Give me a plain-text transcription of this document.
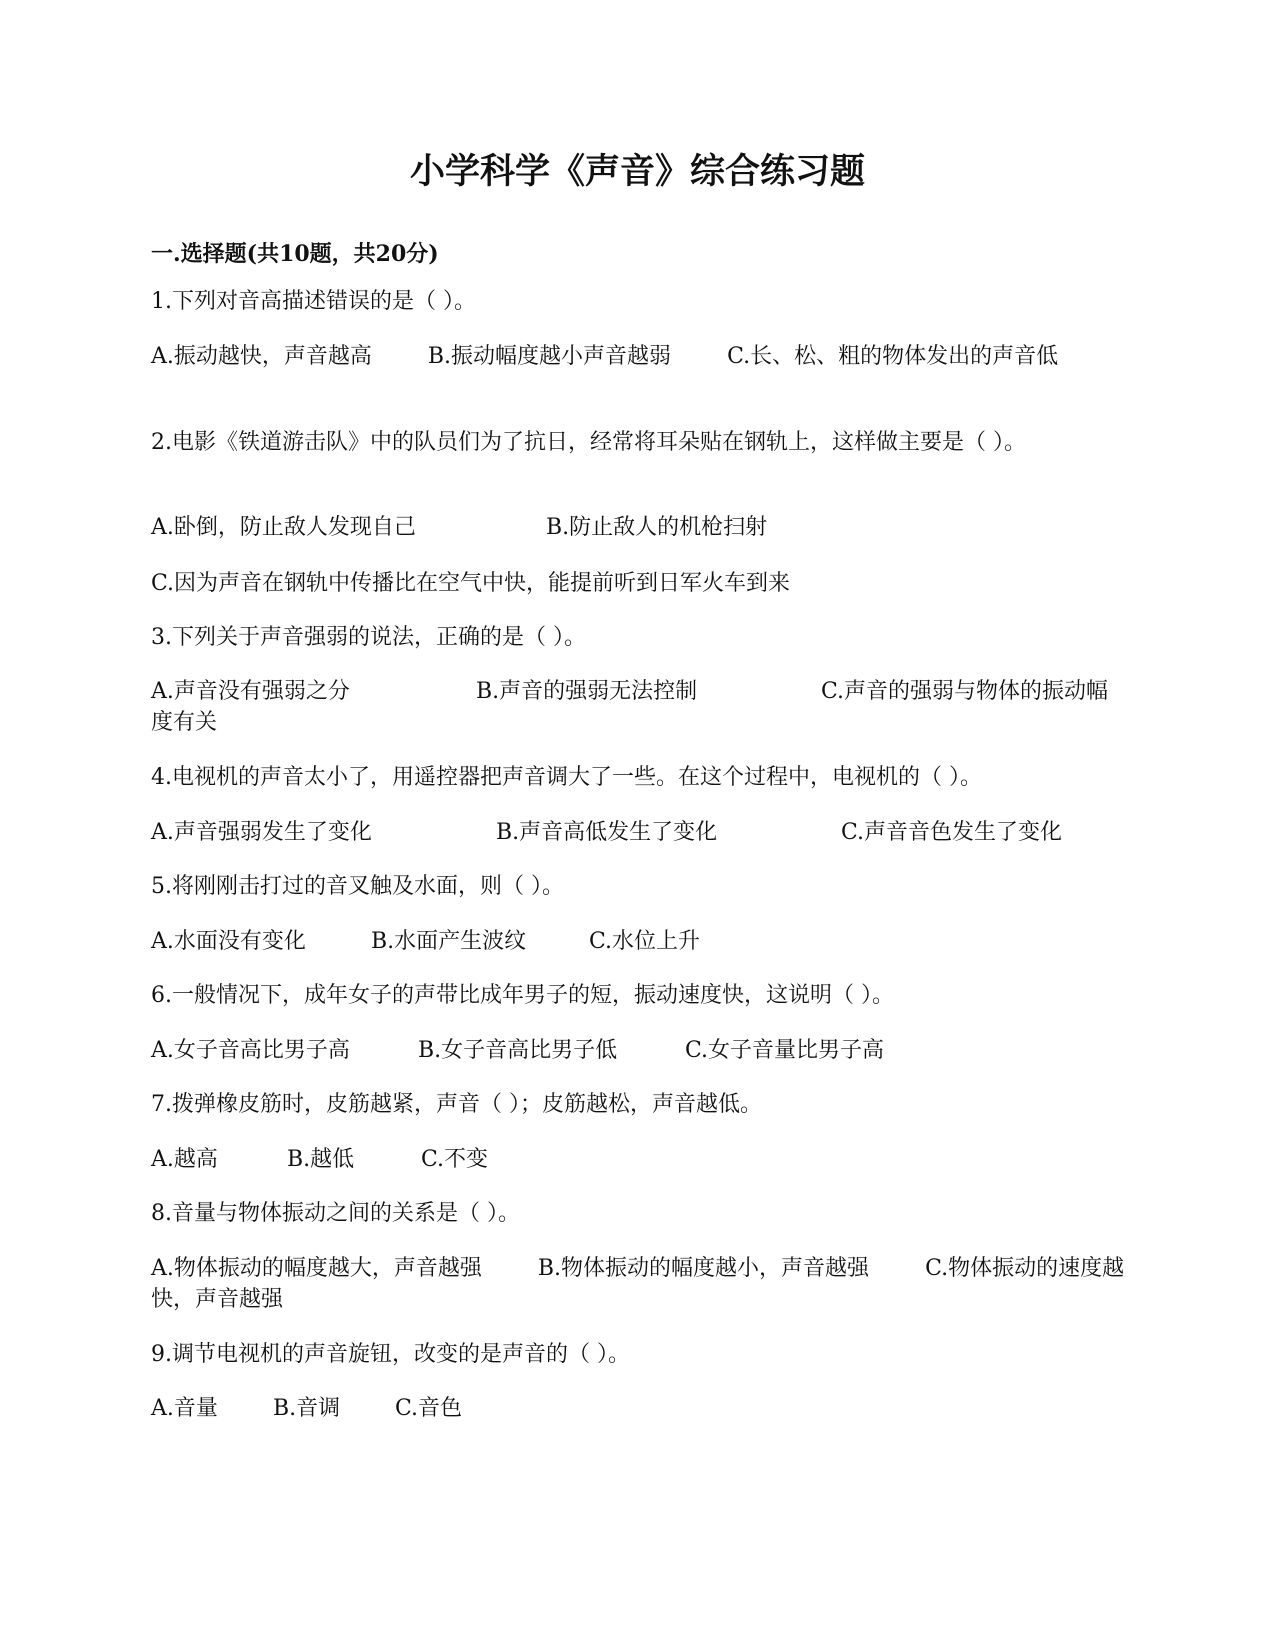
小学科学《声音》综合练习题
一.选择题(共10题，共20分)

1.下列对音高描述错误的是（ ）。

A.振动越快，声音越高	B.振动幅度越小声音越弱	C.长、松、粗的物体发出的声音低

2.电影《铁道游击队》中的队员们为了抗日，经常将耳朵贴在钢轨上，这样做主要是（ ）。

A.卧倒，防止敌人发现自己	B.防止敌人的机枪扫射

C.因为声音在钢轨中传播比在空气中快，能提前听到日军火车到来

3.下列关于声音强弱的说法，正确的是（ ）。

A.声音没有强弱之分	B.声音的强弱无法控制	C.声音的强弱与物体的振动幅度有关

4.电视机的声音太小了，用遥控器把声音调大了一些。在这个过程中，电视机的（ ）。

A.声音强弱发生了变化	B.声音高低发生了变化	C.声音音色发生了变化

5.将刚刚击打过的音叉触及水面，则（ ）。

A.水面没有变化	B.水面产生波纹	C.水位上升

6.一般情况下，成年女子的声带比成年男子的短，振动速度快，这说明（ ）。

A.女子音高比男子高	B.女子音高比男子低	C.女子音量比男子高

7.拨弹橡皮筋时，皮筋越紧，声音（ ）；皮筋越松，声音越低。

A.越高	B.越低	C.不变

8.音量与物体振动之间的关系是（ ）。

A.物体振动的幅度越大，声音越强	B.物体振动的幅度越小，声音越强	C.物体振动的速度越快，声音越强

9.调节电视机的声音旋钮，改变的是声音的（ ）。

A.音量	B.音调 C.音色
